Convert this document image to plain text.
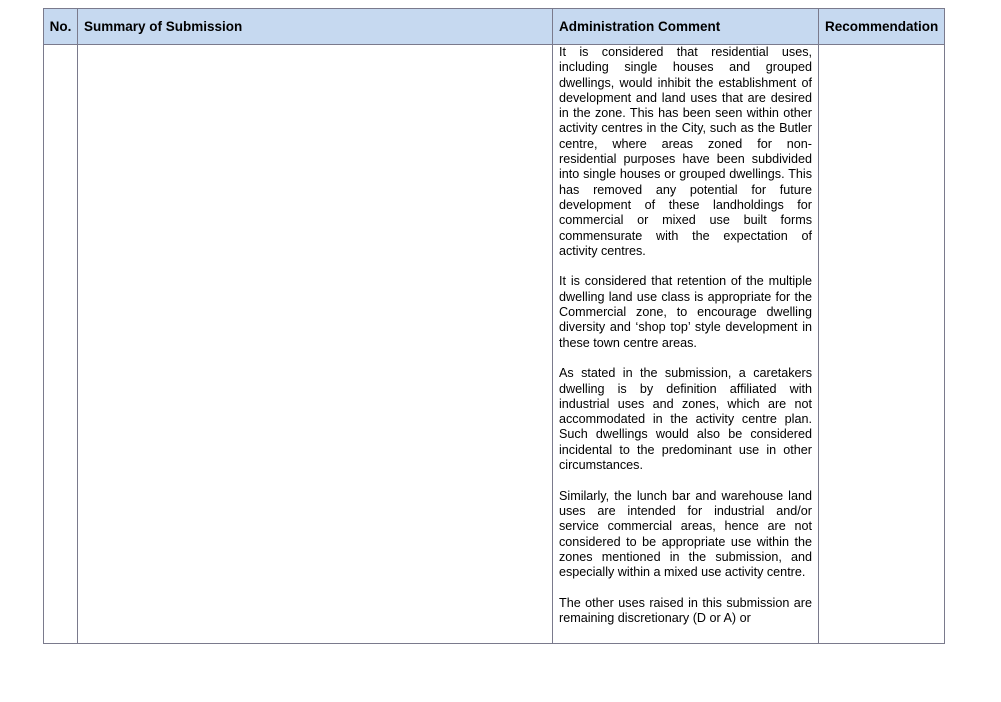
No.	Summary of Submission	Administration Comment	Recommendation

		It is considered that residential uses, including single houses and grouped dwellings, would inhibit the establishment of development and land uses that are desired in the zone. This has been seen within other activity centres in the City, such as the Butler centre, where areas zoned for non-residential purposes have been subdivided into single houses or grouped dwellings. This has removed any potential for future development of these landholdings for commercial or mixed use built forms commensurate with the expectation of activity centres.

It is considered that retention of the multiple dwelling land use class is appropriate for the Commercial zone, to encourage dwelling diversity and ‘shop top’ style development in these town centre areas.

As stated in the submission, a caretakers dwelling is by definition affiliated with industrial uses and zones, which are not accommodated in the activity centre plan. Such dwellings would also be considered incidental to the predominant use in other circumstances.

Similarly, the lunch bar and warehouse land uses are intended for industrial and/or service commercial areas, hence are not considered to be appropriate use within the zones mentioned in the submission, and especially within a mixed use activity centre.

The other uses raised in this submission are remaining discretionary (D or A) or	
